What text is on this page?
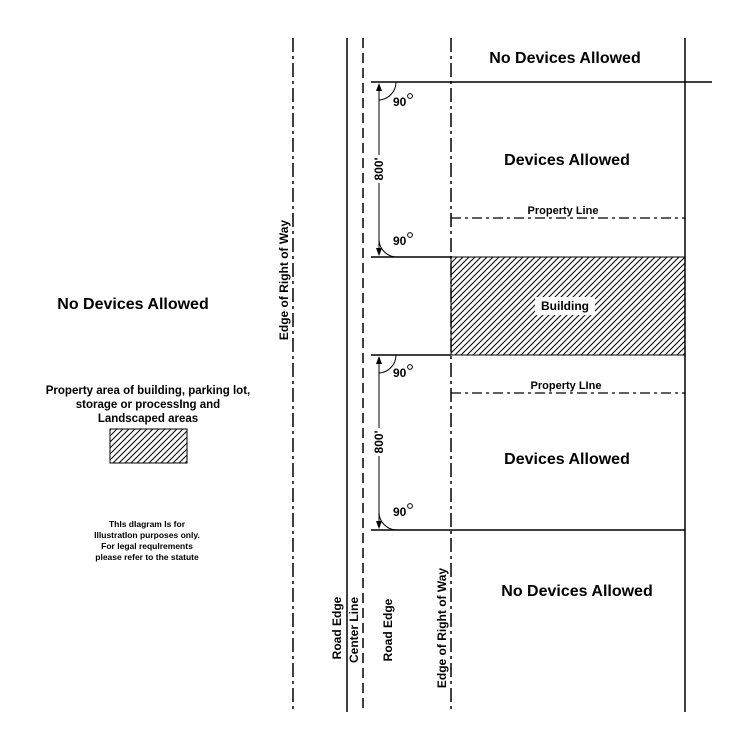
90
90
90
90
800'
800'
No Devices Allowed
Devices Allowed
Property Line
Building
Property LIne
Devices Allowed
No Devices Allowed
No Devices Allowed	Edge of Right of Way
Road Edge Center Line Road Edge	Edge of Right of Way
Property area of building, parking lot,
storage or processIng and
Landscaped areas
ThIs dIagram Is for
IllustratIon purposes only.
For legal requIrements
please refer to the statute
